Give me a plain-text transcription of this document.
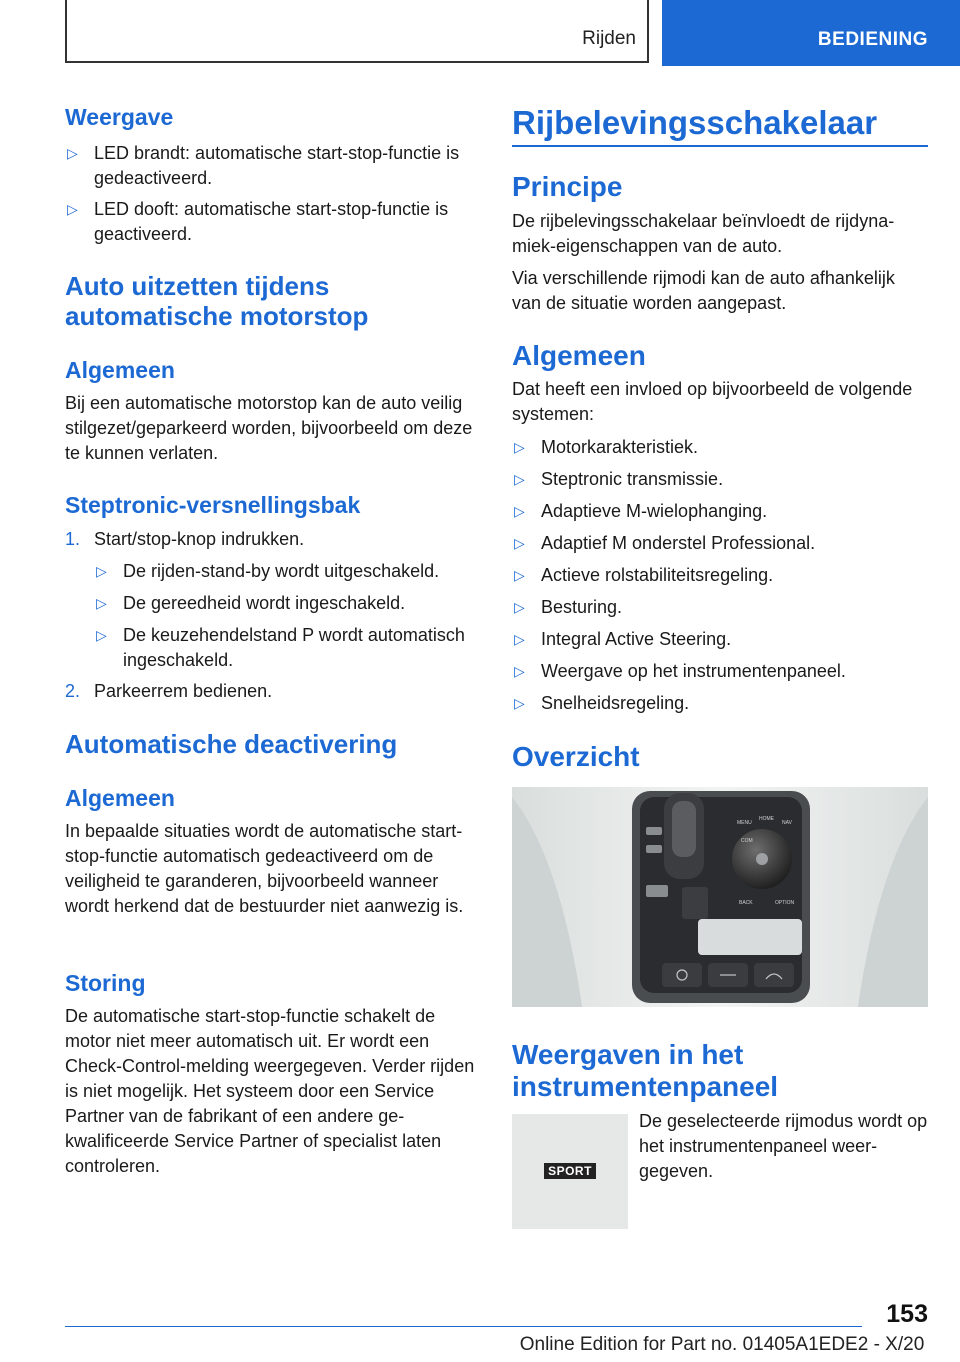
Rijden	BEDIENING
Weergave
▷ LED brandt: automatische start-stop-functie is gedeactiveerd.
▷ LED dooft: automatische start-stop-functie is geactiveerd.
Auto uitzetten tijdens automatische motorstop
Algemeen
Bij een automatische motorstop kan de auto veilig stilgezet/geparkeerd worden, bijvoorbeeld om deze te kunnen verlaten.
Steptronic-versnellingsbak
1. Start/stop-knop indrukken.
▷ De rijden-stand-by wordt uitgeschakeld.
▷ De gereedheid wordt ingeschakeld.
▷ De keuzehendelstand P wordt automatisch ingeschakeld.
2. Parkeerrem bedienen.
Automatische deactivering
Algemeen
In bepaalde situaties wordt de automatische start-stop-functie automatisch gedeactiveerd om de veiligheid te garanderen, bijvoorbeeld wanneer wordt herkend dat de bestuurder niet aanwezig is.
Storing
De automatische start-stop-functie schakelt de motor niet meer automatisch uit. Er wordt een Check-Control-melding weergegeven. Verder rijden is niet mogelijk. Het systeem door een Service Partner van de fabrikant of een andere gekwalificeerde Service Partner of specialist laten controleren.
Rijbelevingsschakelaar
Principe
De rijbelevingsschakelaar beïnvloedt de rijdynamiek-eigenschappen van de auto.
Via verschillende rijmodi kan de auto afhankelijk van de situatie worden aangepast.
Algemeen
Dat heeft een invloed op bijvoorbeeld de volgende systemen:
▷ Motorkarakteristiek.
▷ Steptronic transmissie.
▷ Adaptieve M-wielophanging.
▷ Adaptief M onderstel Professional.
▷ Actieve rolstabiliteitsregeling.
▷ Besturing.
▷ Integral Active Steering.
▷ Weergave op het instrumentenpaneel.
▷ Snelheidsregeling.
Overzicht
MENU
HOME
NAV
COM
BACK	OPTION
Weergaven in het instrumentenpaneel
SPORT
De geselecteerde rijmodus wordt op het instrumentenpaneel weergegeven.
153
Online Edition for Part no. 01405A1EDE2 - X/20
